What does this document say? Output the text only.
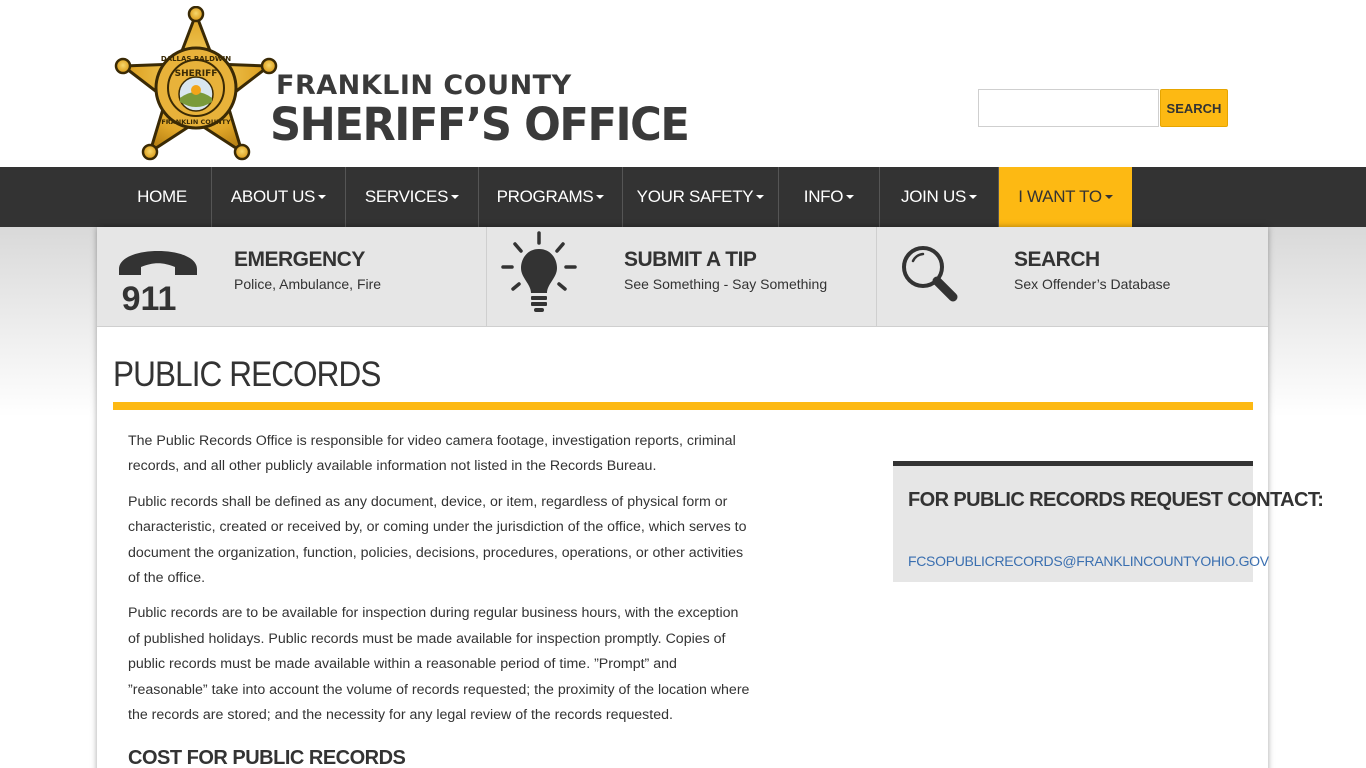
DALLAS BALDWIN
SHERIFF
FRANKLIN COUNTY
FRANKLIN COUNTY
SHERIFF’S OFFICE	SEARCH
HOME	ABOUT US	SERVICES	PROGRAMS	YOUR SAFETY	INFO	JOIN US	I WANT TO
911
EMERGENCY
Police, Ambulance, Fire
SUBMIT A TIP
See Something - Say Something
SEARCH
Sex Offender’s Database
PUBLIC RECORDS

The Public Records Office is responsible for video camera footage, investigation reports, criminal records, and all other publicly available information not listed in the Records Bureau.

Public records shall be defined as any document, device, or item, regardless of physical form or characteristic, created or received by, or coming under the jurisdiction of the office, which serves to document the organization, function, policies, decisions, procedures, operations, or other activities of the office.

Public records are to be available for inspection during regular business hours, with the exception of published holidays. Public records must be made available for inspection promptly. Copies of public records must be made available within a reasonable period of time. ”Prompt” and ”reasonable” take into account the volume of records requested; the proximity of the location where the records are stored; and the necessity for any legal review of the records requested.

COST FOR PUBLIC RECORDS
FOR PUBLIC RECORDS REQUEST CONTACT:
FCSOPUBLICRECORDS@FRANKLINCOUNTYOHIO.GOV
